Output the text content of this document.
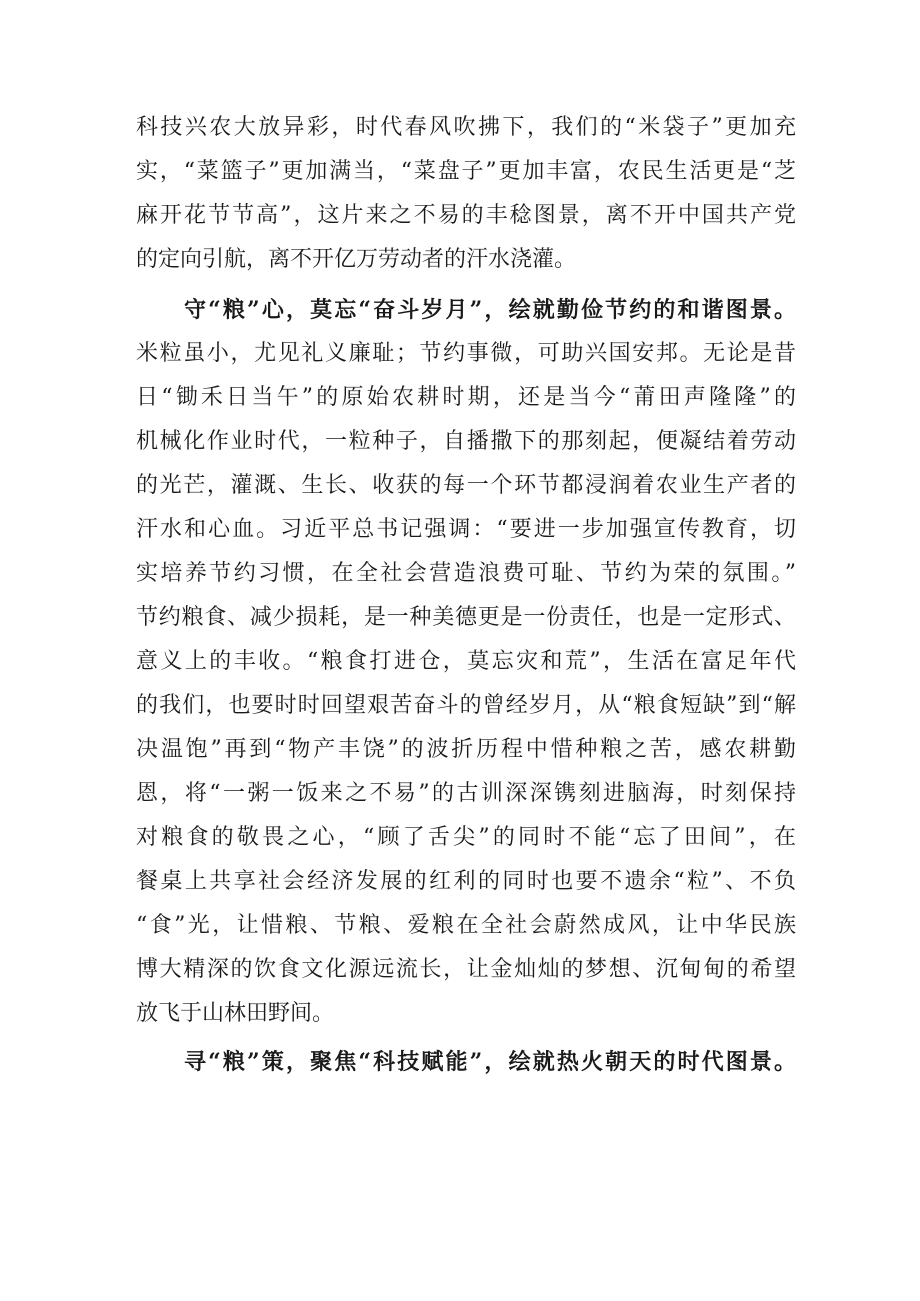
科技兴农大放异彩，时代春风吹拂下，我们的“米袋子”更加充
实，“菜篮子”更加满当，“菜盘子”更加丰富，农民生活更是“芝
麻开花节节高”，这片来之不易的丰稔图景，离不开中国共产党
的定向引航，离不开亿万劳动者的汗水浇灌。
守“粮”心，莫忘“奋斗岁月”，绘就勤俭节约的和谐图景。
米粒虽小，尤见礼义廉耻；节约事微，可助兴国安邦。无论是昔
日“锄禾日当午”的原始农耕时期，还是当今“莆田声隆隆”的
机械化作业时代，一粒种子，自播撒下的那刻起，便凝结着劳动
的光芒，灌溉、生长、收获的每一个环节都浸润着农业生产者的
汗水和心血。习近平总书记强调：“要进一步加强宣传教育，切
实培养节约习惯，在全社会营造浪费可耻、节约为荣的氛围。”
节约粮食、减少损耗，是一种美德更是一份责任，也是一定形式、
意义上的丰收。“粮食打进仓，莫忘灾和荒”，生活在富足年代
的我们，也要时时回望艰苦奋斗的曾经岁月，从“粮食短缺”到“解
决温饱”再到“物产丰饶”的波折历程中惜种粮之苦，感农耕勤
恩，将“一粥一饭来之不易”的古训深深镌刻进脑海，时刻保持
对粮食的敬畏之心，“顾了舌尖”的同时不能“忘了田间”，在
餐桌上共享社会经济发展的红利的同时也要不遗余“粒”、不负
“食”光，让惜粮、节粮、爱粮在全社会蔚然成风，让中华民族
博大精深的饮食文化源远流长，让金灿灿的梦想、沉甸甸的希望
放飞于山林田野间。
寻“粮”策，聚焦“科技赋能”，绘就热火朝天的时代图景。
